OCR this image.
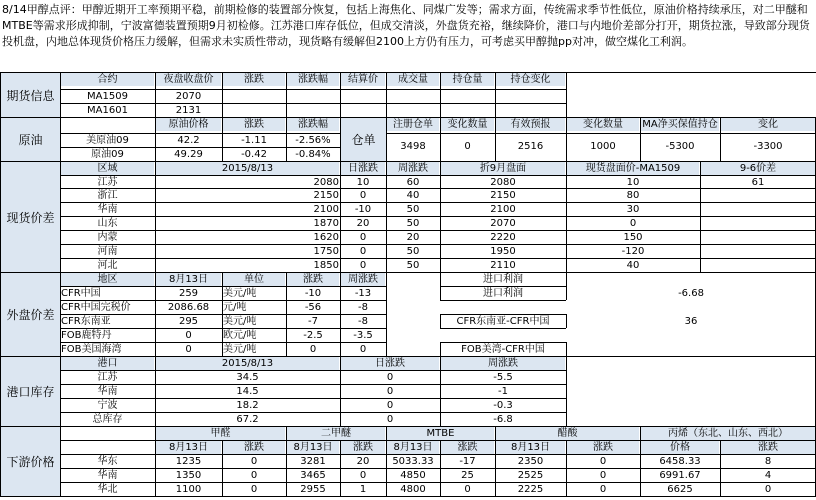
8/14甲醇点评：甲醇近期开工率预期平稳，前期检修的装置部分恢复，包括上海焦化、同煤广发等；需求方面，传统需求季节性低位，原油价格持续承压，对二甲醚和MTBE等需求形成抑制，宁波富德装置预期9月初检修。江苏港口库存低位，但成交清淡，外盘货充裕，继续降价，港口与内地价差部分打开，期货拉涨，导致部分现货投机盘，内地总体现货价格压力缓解，但需求未实质性带动，现货略有缓解但2100上方仍有压力，可考虑买甲醇抛pp对冲，做空煤化工利润。
期货信息
合约	夜盘收盘价	涨跌	涨跌幅	结算价	成交量	持仓量	持仓变化
MA1509	2070
MA1601	2131
原油
原油价格	涨跌	涨跌幅
美原油09	42.2	-1.11	-2.56%
原油09	49.29	-0.42	-0.84%
仓单
注册仓单	变化数量	有效预报	变化数量	MA净买保值持仓	变化
3498	0	2516	1000	-5300	-3300
现货价差
区域	2015/8/13	日涨跌	周涨跌	折9月盘面	现货盘面价-MA1509	9-6价差
江苏	2080	10	60	2080	10	61
浙江	2150	0	40	2150	80
华南	2100	-10	50	2100	30
山东	1870	20	50	2070	0
内蒙	1620	0	20	2220	150
河南	1750	0	50	1950	-120
河北	1850	0	50	2110	40
外盘价差
地区	8月13日	单位	涨跌	周涨跌
CFR中国	259	美元/吨	-10	-13
CFR中国完税价	2086.68	元/吨	-56	-8
CFR东南亚	295	美元/吨	-7	-8
FOB鹿特丹	0	欧元/吨	-2.5	-3.5
FOB美国海湾	0	美元/吨	0	0
进口利润
进口利润	-6.68
CFR东南亚-CFR中国	36
FOB美湾-CFR中国
港口库存
港口	2015/8/13	日涨跌	周涨跌
江苏	34.5	0	-5.5
华南	14.5	0	-1
宁波	18.2	0	-0.3
总库存	67.2	0	-6.8
下游价格
甲醛	二甲醚	MTBE	醋酸	丙烯（东北、山东、西北）
8月13日	涨跌	8月13日	涨跌	8月13日	涨跌	8月13日	涨跌	价格	涨跌
华东	1235	0	3281	20	5033.33	-17	2350	0	6458.33	8
华南	1350	0	3465	0	4850	25	2525	0	6991.67	4
华北	1100	0	2955	1	4800	0	2225	0	6625	0
